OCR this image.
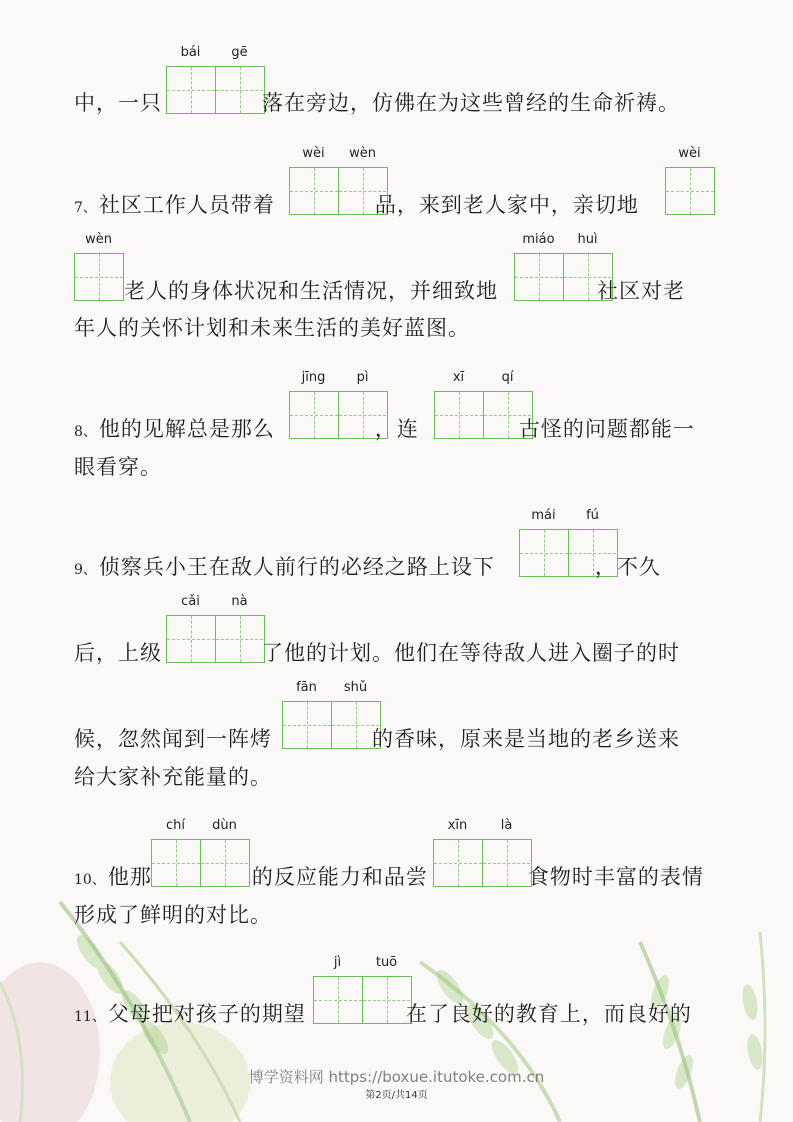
bái	gē
中，一只	落在旁边，仿佛在为这些曾经的生命祈祷。
wèi	wèn	wèi
7、社区工作人员带着	品，来到老人家中，亲切地
wèn	miáo	huì
老人的身体状况和生活情况，并细致地	社区对老
年人的关怀计划和未来生活的美好蓝图。
jīng	pì	xī	qí
8、他的见解总是那么	，连	古怪的问题都能一
眼看穿。
mái	fú
9、侦察兵小王在敌人前行的必经之路上设下	，不久
cǎi	nà
后，上级	了他的计划。他们在等待敌人进入圈子的时
fān	shǔ
候，忽然闻到一阵烤	的香味，原来是当地的老乡送来
给大家补充能量的。
chí	dùn	xīn	là
10、他那	的反应能力和品尝	食物时丰富的表情
形成了鲜明的对比。
jì	tuō
11、父母把对孩子的期望	在了良好的教育上，而良好的
博学资料网 https://boxue.itutoke.com.cn
第2页/共14页
